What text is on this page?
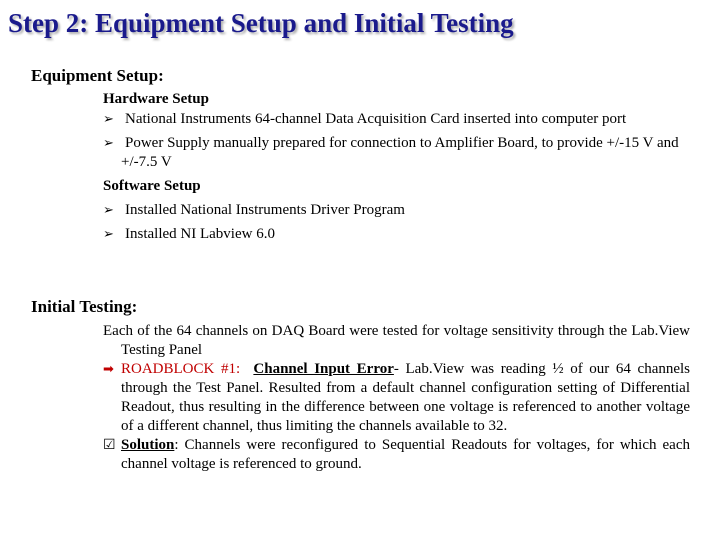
Step 2: Equipment Setup and Initial Testing
Equipment Setup:
Hardware Setup
➢ National Instruments 64-channel Data Acquisition Card inserted into computer port
➢ Power Supply manually prepared for connection to Amplifier Board, to provide +/-15 V and +/-7.5 V
Software Setup
➢ Installed National Instruments Driver Program
➢ Installed NI Labview 6.0
Initial Testing:
Each of the 64 channels on DAQ Board were tested for voltage sensitivity through the Lab.View Testing Panel
➡ ROADBLOCK #1: Channel Input Error- Lab.View was reading ½ of our 64 channels through the Test Panel. Resulted from a default channel configuration setting of Differential Readout, thus resulting in the difference between one voltage is referenced to another voltage of a different channel, thus limiting the channels available to 32.
☑ Solution: Channels were reconfigured to Sequential Readouts for voltages, for which each channel voltage is referenced to ground.
